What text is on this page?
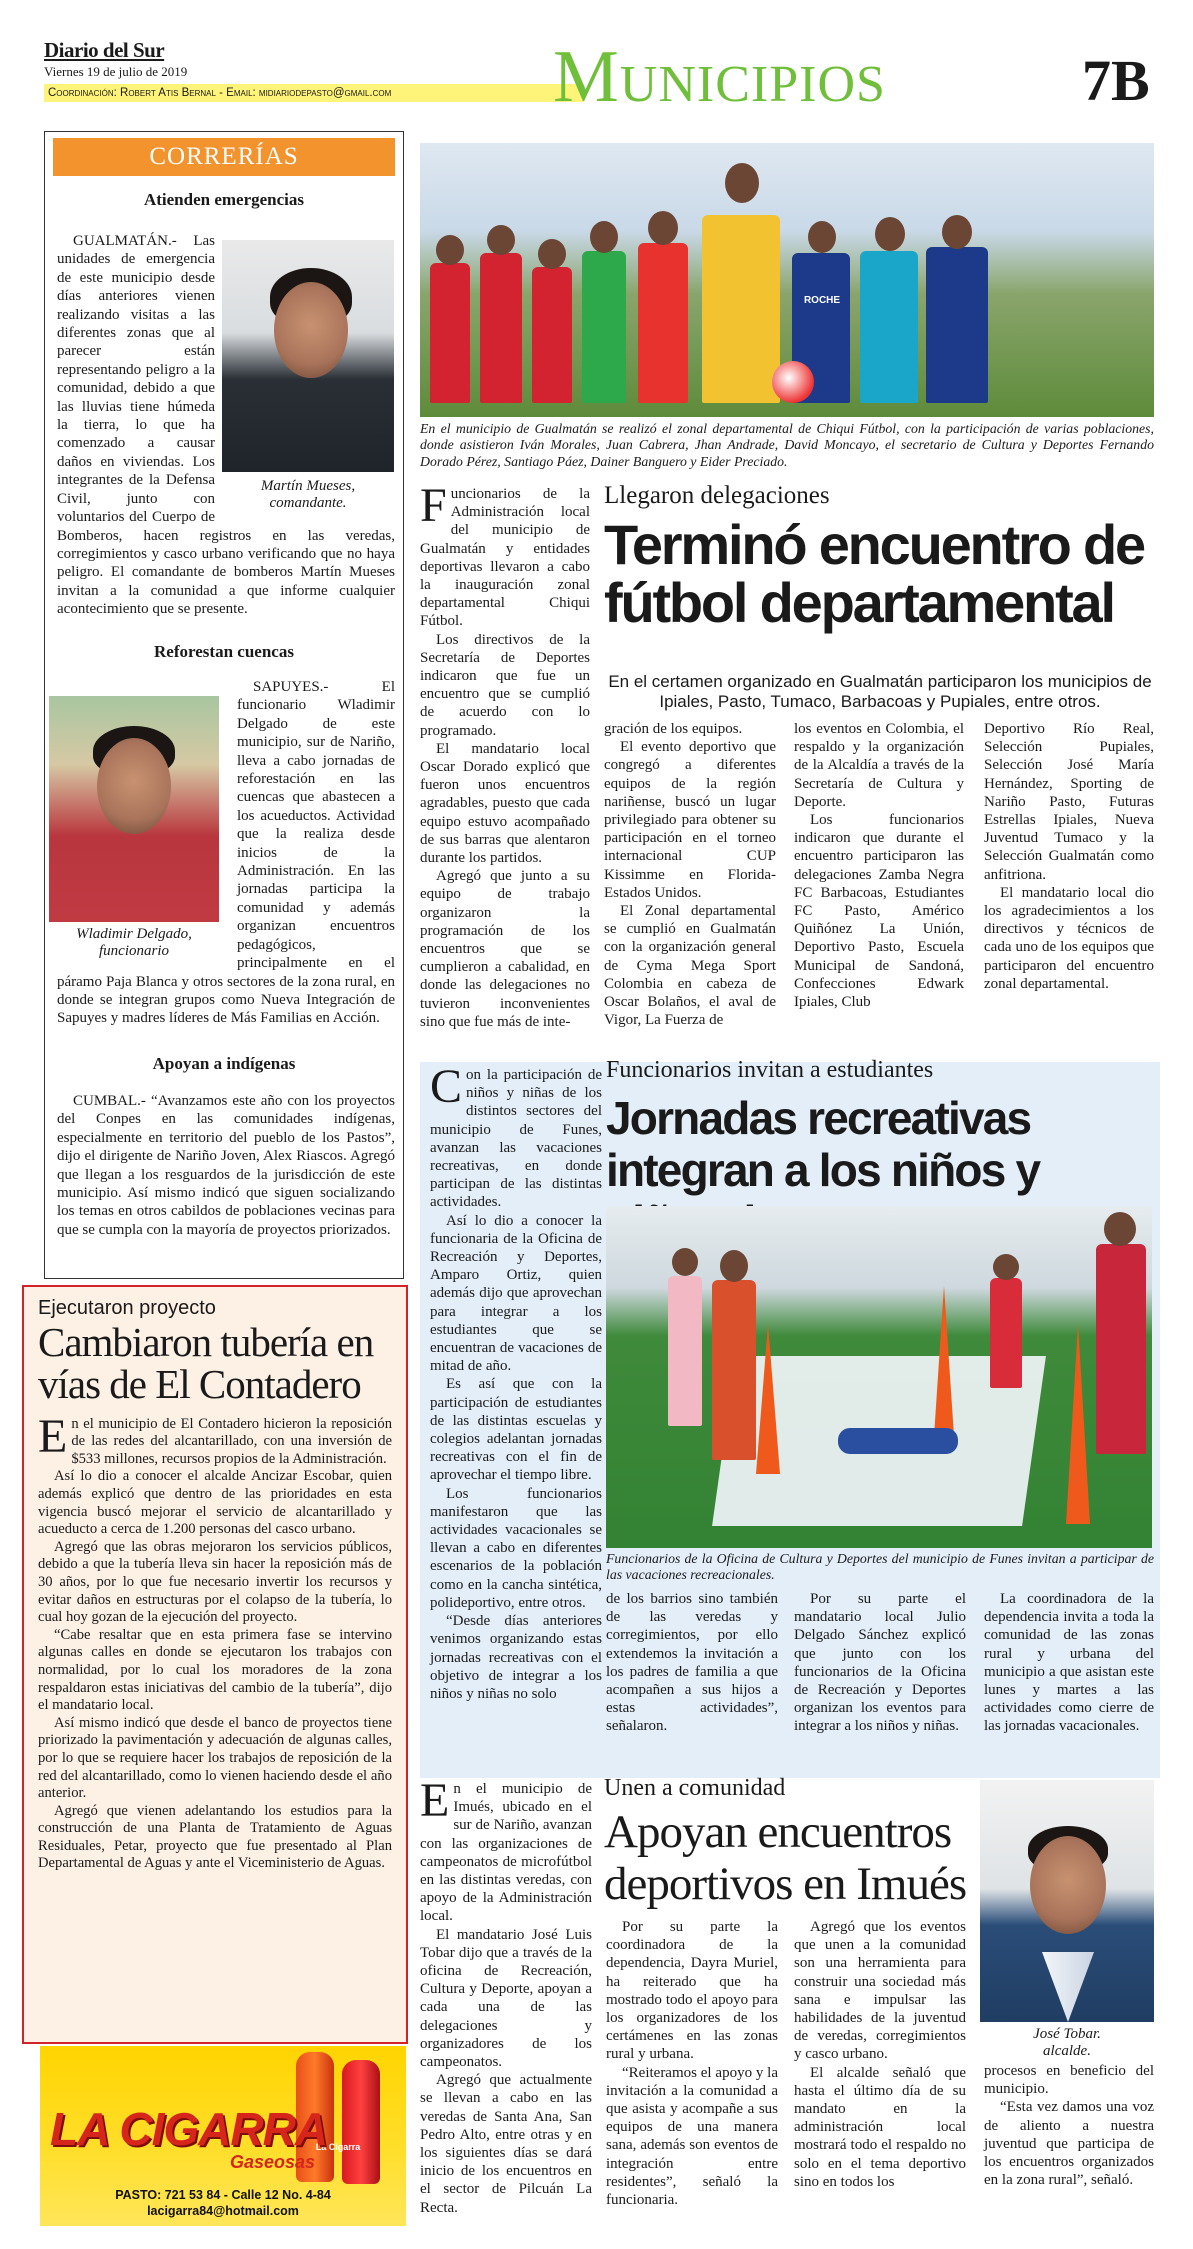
Diario del Sur
Viernes 19 de julio de 2019
Coordinación: Robert Atis Bernal - Email: midiariodepasto@gmail.com	Municipios	7B
CORRERÍAS
Atienden emergencias
Martín Mueses,
comandante.

GUALMATÁN.- Las unidades de emergencia de este municipio desde días anteriores vienen realizando visitas a las diferentes zonas que al parecer están representando peligro a la comunidad, debido a que las lluvias tiene húmeda la tierra, lo que ha comenzado a causar daños en viviendas. Los integrantes de la Defensa Civil, junto con voluntarios del Cuerpo de Bomberos, hacen registros en las veredas, corregimientos y casco urbano verificando que no haya peligro. El comandante de bomberos Martín Mueses invitan a la comunidad a que informe cualquier acontecimiento que se presente.

Reforestan cuencas
Wladimir Delgado,
funcionario

SAPUYES.- El funcionario Wladimir Delgado de este municipio, sur de Nariño, lleva a cabo jornadas de reforestación en las cuencas que abastecen a los acueductos. Actividad que la realiza desde inicios de la Administración. En las jornadas participa la comunidad y además organizan encuentros pedagógicos, principalmente en el páramo Paja Blanca y otros sectores de la zona rural, en donde se integran grupos como Nueva Integración de Sapuyes y madres líderes de Más Familias en Acción.

Apoyan a indígenas

CUMBAL.- “Avanzamos este año con los proyectos del Conpes en las comunidades indígenas, especialmente en territorio del pueblo de los Pastos”, dijo el dirigente de Nariño Joven, Alex Riascos. Agregó que llegan a los resguardos de la jurisdicción de este municipio. Así mismo indicó que siguen socializando los temas en otros cabildos de poblaciones vecinas para que se cumpla con la mayoría de proyectos priorizados.

Ejecutaron proyecto
Cambiaron tubería en vías de El Contadero

En el municipio de El Contadero hicieron la reposición de las redes del alcantarillado, con una inversión de $533 millones, recursos propios de la Administración.

Así lo dio a conocer el alcalde Ancizar Escobar, quien además explicó que dentro de las prioridades en esta vigencia buscó mejorar el servicio de alcantarillado y acueducto a cerca de 1.200 personas del casco urbano.

Agregó que las obras mejoraron los servicios públicos, debido a que la tubería lleva sin hacer la reposición más de 30 años, por lo que fue necesario invertir los recursos y evitar daños en estructuras por el colapso de la tubería, lo cual hoy gozan de la ejecución del proyecto.

“Cabe resaltar que en esta primera fase se intervino algunas calles en donde se ejecutaron los trabajos con normalidad, por lo cual los moradores de la zona respaldaron estas iniciativas del cambio de la tubería”, dijo el mandatario local.

Así mismo indicó que desde el banco de proyectos tiene priorizado la pavimentación y adecuación de algunas calles, por lo que se requiere hacer los trabajos de reposición de la red del alcantarillado, como lo vienen haciendo desde el año anterior.

Agregó que vienen adelantando los estudios para la construcción de una Planta de Tratamiento de Aguas Residuales, Petar, proyecto que fue presentado al Plan Departamental de Aguas y ante el Viceministerio de Aguas.

La Cigarra
LA CIGARRA
Gaseosas
PASTO: 721 53 84 - Calle 12 No. 4-84
lacigarra84@hotmail.com
ROCHE
En el municipio de Gualmatán se realizó el zonal departamental de Chiqui Fútbol, con la participación de varias poblaciones, donde asistieron Iván Morales, Juan Cabrera, Jhan Andrade, David Moncayo, el secretario de Cultura y Deportes Fernando Dorado Pérez, Santiago Páez, Dainer Banguero y Eider Preciado.
Llegaron delegaciones
Terminó encuentro de fútbol departamental
En el certamen organizado en Gualmatán participaron los municipios de Ipiales, Pasto, Tumaco, Barbacoas y Pupiales, entre otros.

Funcionarios de la Administración local del municipio de Gualmatán y entidades deportivas llevaron a cabo la inauguración zonal departamental Chiqui Fútbol.

Los directivos de la Secretaría de Deportes indicaron que fue un encuentro que se cumplió de acuerdo con lo programado.

El mandatario local Oscar Dorado explicó que fueron unos encuentros agradables, puesto que cada equipo estuvo acompañado de sus barras que alentaron durante los partidos.

Agregó que junto a su equipo de trabajo organizaron la programación de los encuentros que se cumplieron a cabalidad, en donde las delegaciones no tuvieron inconvenientes sino que fue más de inte-

gración de los equipos.

El evento deportivo que congregó a diferentes equipos de la región nariñense, buscó un lugar privilegiado para obtener su participación en el torneo internacional CUP Kissimme en Florida- Estados Unidos.

El Zonal departamental se cumplió en Gualmatán con la organización general de Cyma Mega Sport Colombia en cabeza de Oscar Bolaños, el aval de Vigor, La Fuerza de

los eventos en Colombia, el respaldo y la organización de la Alcaldía a través de la Secretaría de Cultura y Deporte.

Los funcionarios indicaron que durante el encuentro participaron las delegaciones Zamba Negra FC Barbacoas, Estudiantes FC Pasto, Américo Quiñónez La Unión, Deportivo Pasto, Escuela Municipal de Sandoná, Confecciones Edwark Ipiales, Club

Deportivo Río Real, Selección Pupiales, Selección José María Hernández, Sporting de Nariño Pasto, Futuras Estrellas Ipiales, Nueva Juventud Tumaco y la Selección Gualmatán como anfitriona.

El mandatario local dio los agradecimientos a los directivos y técnicos de cada uno de los equipos que participaron del encuentro zonal departamental.

Con la participación de niños y niñas de los distintos sectores del municipio de Funes, avanzan las vacaciones recreativas, en donde participan de las distintas actividades.

Así lo dio a conocer la funcionaria de la Oficina de Recreación y Deportes, Amparo Ortiz, quien además dijo que aprovechan para integrar a los estudiantes que se encuentran de vacaciones de mitad de año.

Es así que con la participación de estudiantes de las distintas escuelas y colegios adelantan jornadas recreativas con el fin de aprovechar el tiempo libre.

Los funcionarios manifestaron que las actividades vacacionales se llevan a cabo en diferentes escenarios de la población como en la cancha sintética, polideportivo, entre otros.

“Desde días anteriores venimos organizando estas jornadas recreativas con el objetivo de integrar a los niños y niñas no solo

Funcionarios invitan a estudiantes
Jornadas recreativas integran a los niños y
Funcionarios de la Oficina de Cultura y Deportes del municipio de Funes invitan a participar de las vacaciones recreacionales.

de los barrios sino también de las veredas y corregimientos, por ello extendemos la invitación a los padres de familia a que acompañen a sus hijos a estas actividades”, señalaron.

Por su parte el mandatario local Julio Delgado Sánchez explicó que junto con los funcionarios de la Oficina de Recreación y Deportes organizan los eventos para integrar a los niños y niñas.

La coordinadora de la dependencia invita a toda la comunidad de las zonas rural y urbana del municipio a que asistan este lunes y martes a las actividades como cierre de las jornadas vacacionales.

En el municipio de Imués, ubicado en el sur de Nariño, avanzan con las organizaciones de campeonatos de microfútbol en las distintas veredas, con apoyo de la Administración local.

El mandatario José Luis Tobar dijo que a través de la oficina de Recreación, Cultura y Deporte, apoyan a cada una de las delegaciones y organizadores de los campeonatos.

Agregó que actualmente se llevan a cabo en las veredas de Santa Ana, San Pedro Alto, entre otras y en los siguientes días se dará inicio de los encuentros en el sector de Pilcuán La Recta.

Unen a comunidad
Apoyan encuentros deportivos en Imués

Por su parte la coordinadora de la dependencia, Dayra Muriel, ha reiterado que ha mostrado todo el apoyo para los organizadores de los certámenes en las zonas rural y urbana.

“Reiteramos el apoyo y la invitación a la comunidad a que asista y acompañe a sus equipos de una manera sana, además son eventos de integración entre residentes”, señaló la funcionaria.

Agregó que los eventos que unen a la comunidad son una herramienta para construir una sociedad más sana e impulsar las habilidades de la juventud de veredas, corregimientos y casco urbano.

El alcalde señaló que hasta el último día de su mandato en la administración local mostrará todo el respaldo no solo en el tema deportivo sino en todos los

José Tobar.
alcalde.

procesos en beneficio del municipio.

“Esta vez damos una voz de aliento a nuestra juventud que participa de los encuentros organizados en la zona rural”, señaló.
